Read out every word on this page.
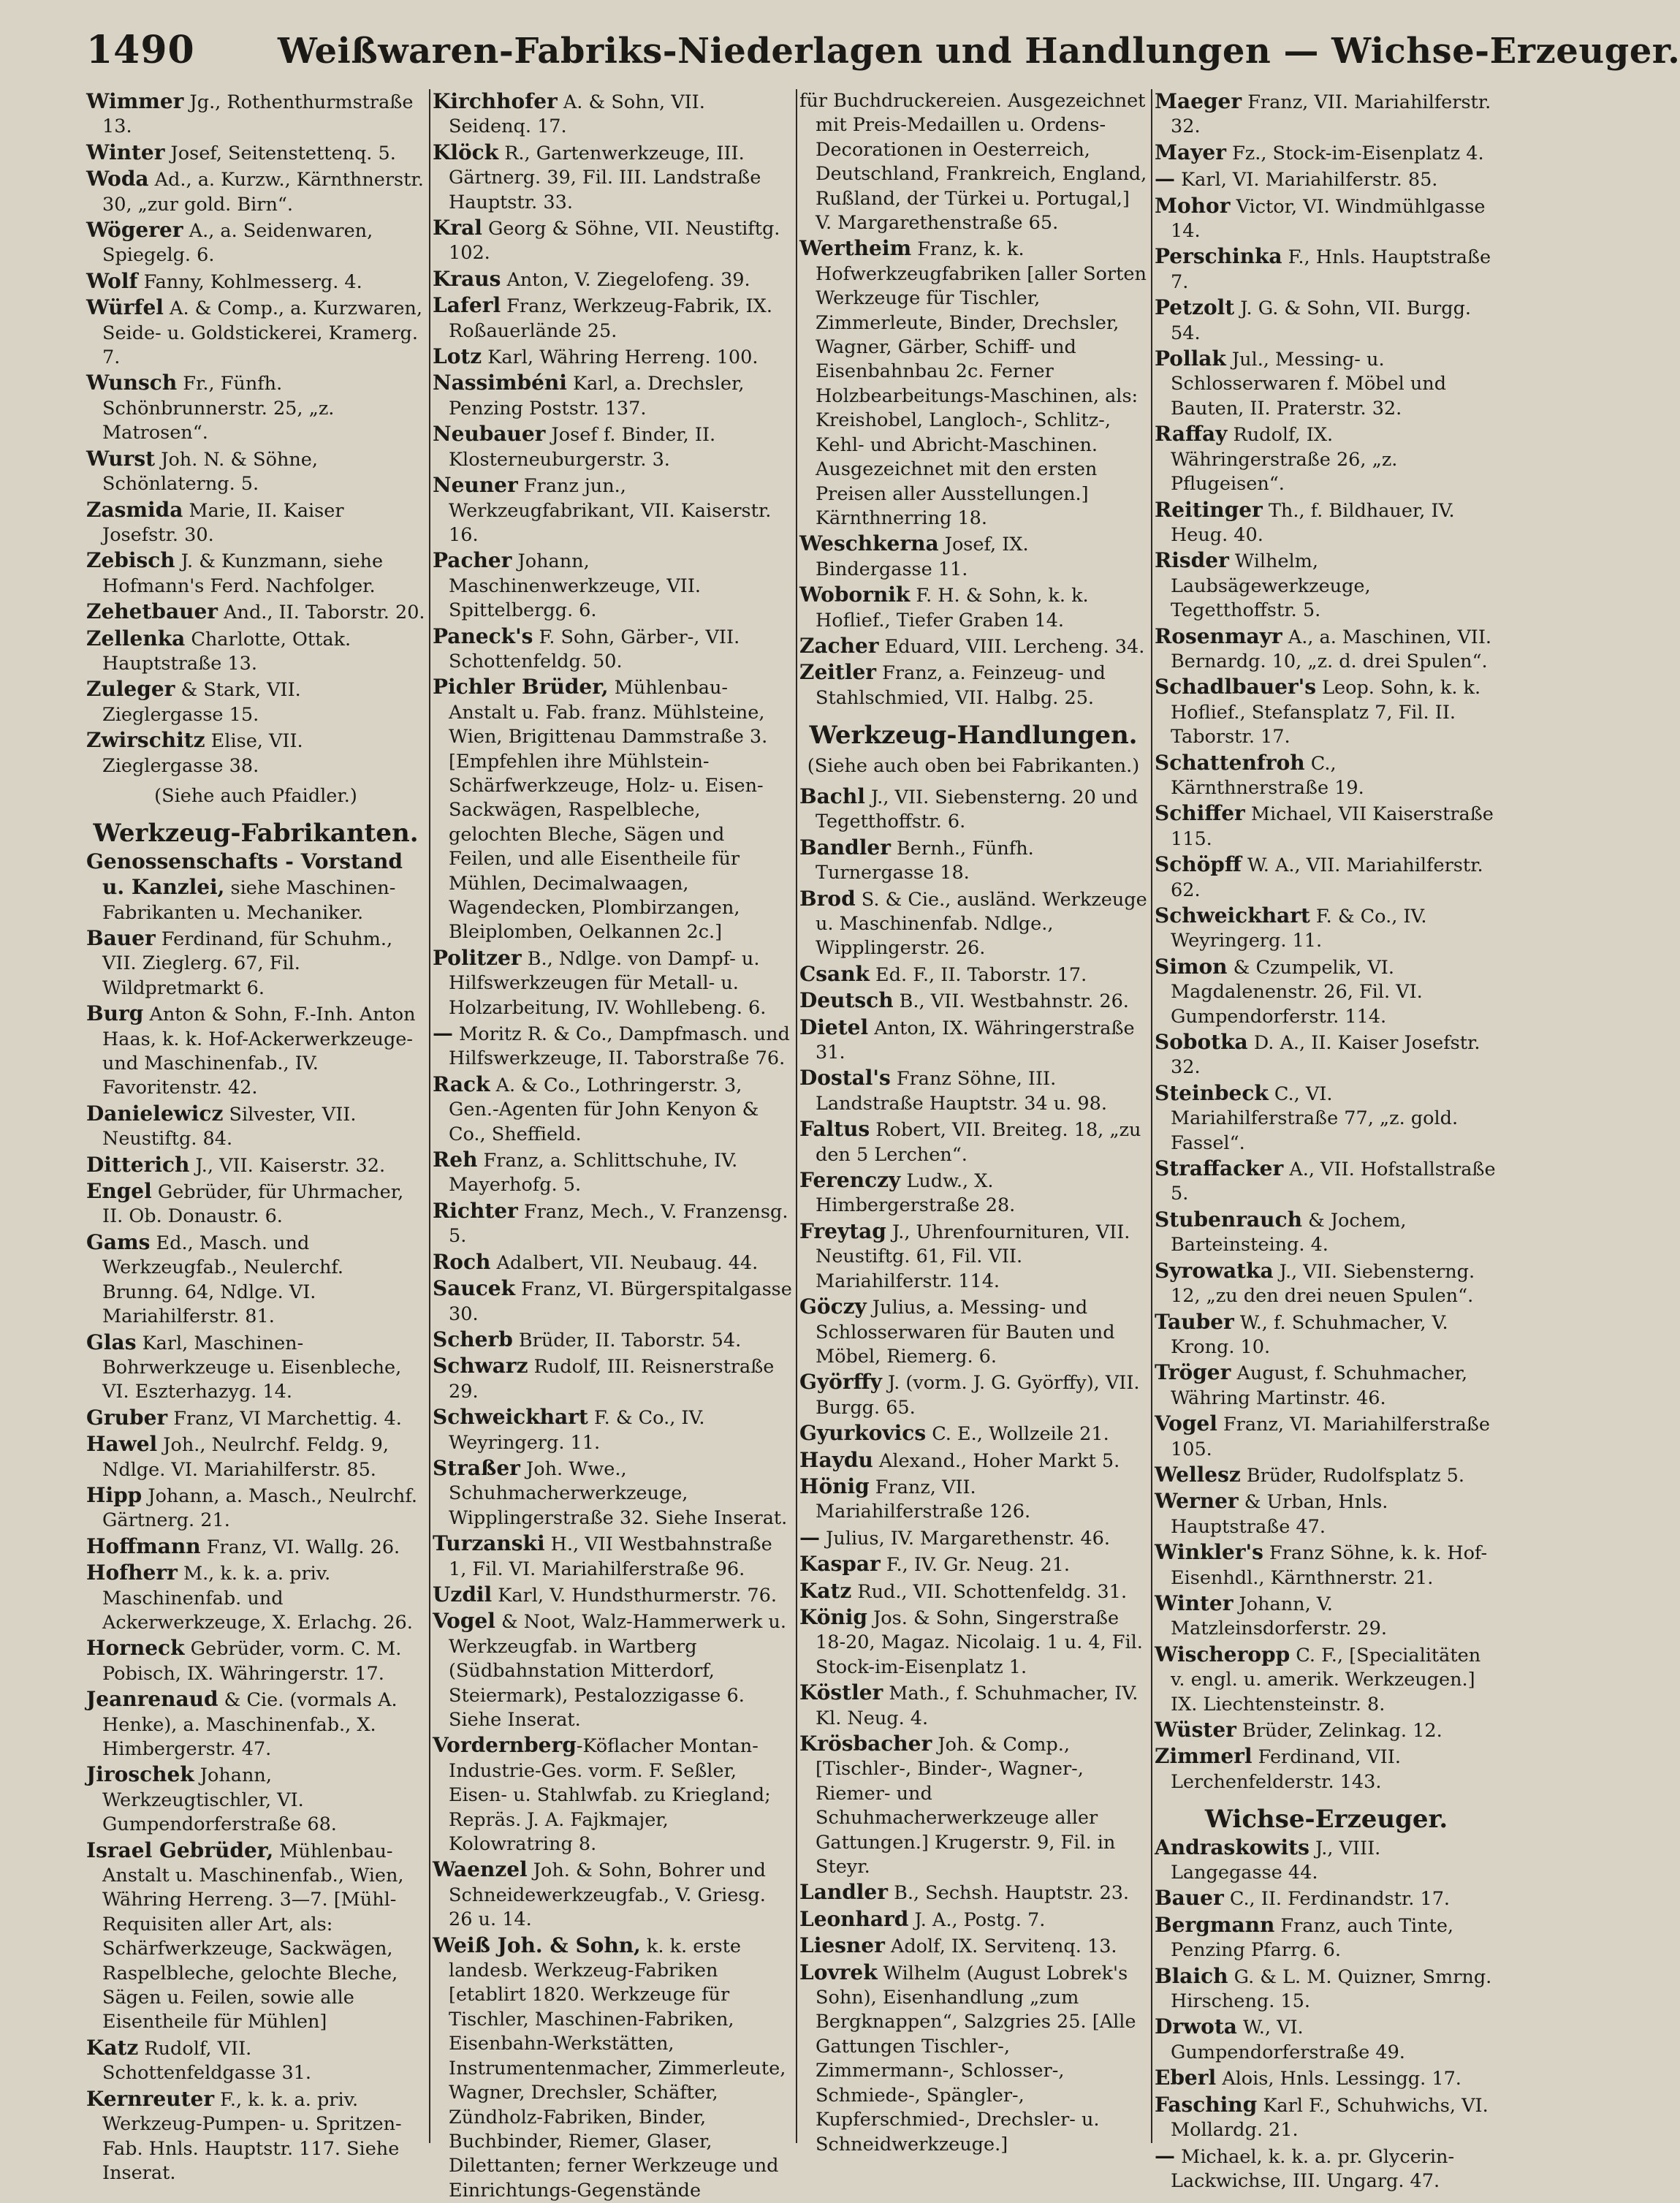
1490 Weißwaren-Fabriks-Niederlagen und Handlungen — Wichse-Erzeuger.
Wimmer Jg., Rothenthurmstraße 13.
Winter Josef, Seitenstettenq. 5.
Woda Ad., a. Kurzw., Kärnthnerstr. 30, „zur gold. Birn“.
Wögerer A., a. Seidenwaren, Spiegelg. 6.
Wolf Fanny, Kohlmesserg. 4.
Würfel A. & Comp., a. Kurzwaren, Seide- u. Goldstickerei, Kramerg. 7.
Wunsch Fr., Fünfh. Schönbrunnerstr. 25, „z. Matrosen“.
Wurst Joh. N. & Söhne, Schönlaterng. 5.
Zasmida Marie, II. Kaiser Josefstr. 30.
Zebisch J. & Kunzmann, siehe Hofmann's Ferd. Nachfolger.
Zehetbauer And., II. Taborstr. 20.
Zellenka Charlotte, Ottak. Hauptstraße 13.
Zuleger & Stark, VII. Zieglergasse 15.
Zwirschitz Elise, VII. Zieglergasse 38.
(Siehe auch Pfaidler.)
Werkzeug-Fabrikanten.
Genossenschafts - Vorstand u. Kanzlei, siehe Maschinen-Fabrikanten u. Mechaniker.
Bauer Ferdinand, für Schuhm., VII. Zieglerg. 67, Fil. Wildpretmarkt 6.
Burg Anton & Sohn, F.-Inh. Anton Haas, k. k. Hof-Ackerwerkzeuge- und Maschinenfab., IV. Favoritenstr. 42.
Danielewicz Silvester, VII. Neustiftg. 84.
Ditterich J., VII. Kaiserstr. 32.
Engel Gebrüder, für Uhrmacher, II. Ob. Donaustr. 6.
Gams Ed., Masch. und Werkzeugfab., Neulerchf. Brunng. 64, Ndlge. VI. Mariahilferstr. 81.
Glas Karl, Maschinen-Bohrwerkzeuge u. Eisenbleche, VI. Eszterhazyg. 14.
Gruber Franz, VI Marchettig. 4.
Hawel Joh., Neulrchf. Feldg. 9, Ndlge. VI. Mariahilferstr. 85.
Hipp Johann, a. Masch., Neulrchf. Gärtnerg. 21.
Hoffmann Franz, VI. Wallg. 26.
Hofherr M., k. k. a. priv. Maschinenfab. und Ackerwerkzeuge, X. Erlachg. 26.
Horneck Gebrüder, vorm. C. M. Pobisch, IX. Währingerstr. 17.
Jeanrenaud & Cie. (vormals A. Henke), a. Maschinenfab., X. Himbergerstr. 47.
Jiroschek Johann, Werkzeugtischler, VI. Gumpendorferstraße 68.
Israel Gebrüder, Mühlenbau-Anstalt u. Maschinenfab., Wien, Währing Herreng. 3—7. [Mühl-Requisiten aller Art, als: Schärfwerkzeuge, Sackwägen, Raspelbleche, gelochte Bleche, Sägen u. Feilen, sowie alle Eisentheile für Mühlen]
Katz Rudolf, VII. Schottenfeldgasse 31.
Kernreuter F., k. k. a. priv. Werkzeug-Pumpen- u. Spritzen-Fab. Hnls. Hauptstr. 117. Siehe Inserat.
Kirchhofer A. & Sohn, VII. Seidenq. 17.
Klöck R., Gartenwerkzeuge, III. Gärtnerg. 39, Fil. III. Landstraße Hauptstr. 33.
Kral Georg & Söhne, VII. Neustiftg. 102.
Kraus Anton, V. Ziegelofeng. 39.
Laferl Franz, Werkzeug-Fabrik, IX. Roßauerlände 25.
Lotz Karl, Währing Herreng. 100.
Nassimbéni Karl, a. Drechsler, Penzing Poststr. 137.
Neubauer Josef f. Binder, II. Klosterneuburgerstr. 3.
Neuner Franz jun., Werkzeugfabrikant, VII. Kaiserstr. 16.
Pacher Johann, Maschinenwerkzeuge, VII. Spittelbergg. 6.
Paneck's F. Sohn, Gärber-, VII. Schottenfeldg. 50.
Pichler Brüder, Mühlenbau-Anstalt u. Fab. franz. Mühlsteine, Wien, Brigittenau Dammstraße 3. [Empfehlen ihre Mühlstein-Schärfwerkzeuge, Holz- u. Eisen-Sackwägen, Raspelbleche, gelochten Bleche, Sägen und Feilen, und alle Eisentheile für Mühlen, Decimalwaagen, Wagendecken, Plombirzangen, Bleiplomben, Oelkannen 2c.]
Politzer B., Ndlge. von Dampf- u. Hilfswerkzeugen für Metall- u. Holzarbeitung, IV. Wohllebeng. 6.
— Moritz R. & Co., Dampfmasch. und Hilfswerkzeuge, II. Taborstraße 76.
Rack A. & Co., Lothringerstr. 3, Gen.-Agenten für John Kenyon & Co., Sheffield.
Reh Franz, a. Schlittschuhe, IV. Mayerhofg. 5.
Richter Franz, Mech., V. Franzensg. 5.
Roch Adalbert, VII. Neubaug. 44.
Saucek Franz, VI. Bürgerspitalgasse 30.
Scherb Brüder, II. Taborstr. 54.
Schwarz Rudolf, III. Reisnerstraße 29.
Schweickhart F. & Co., IV. Weyringerg. 11.
Straßer Joh. Wwe., Schuhmacherwerkzeuge, Wipplingerstraße 32. Siehe Inserat.
Turzanski H., VII Westbahnstraße 1, Fil. VI. Mariahilferstraße 96.
Uzdil Karl, V. Hundsthurmerstr. 76.
Vogel & Noot, Walz-Hammerwerk u. Werkzeugfab. in Wartberg (Südbahnstation Mitterdorf, Steiermark), Pestalozzigasse 6. Siehe Inserat.
Vordernberg-Köflacher Montan-Industrie-Ges. vorm. F. Seßler, Eisen- u. Stahlwfab. zu Kriegland; Repräs. J. A. Fajkmajer, Kolowratring 8.
Waenzel Joh. & Sohn, Bohrer und Schneidewerkzeugfab., V. Griesg. 26 u. 14.
Weiß Joh. & Sohn, k. k. erste landesb. Werkzeug-Fabriken [etablirt 1820. Werkzeuge für Tischler, Maschinen-Fabriken, Eisenbahn-Werkstätten, Instrumentenmacher, Zimmerleute, Wagner, Drechsler, Schäfter, Zündholz-Fabriken, Binder, Buchbinder, Riemer, Glaser, Dilettanten; ferner Werkzeuge und Einrichtungs-Gegenstände
für Buchdruckereien. Ausgezeichnet mit Preis-Medaillen u. Ordens-Decorationen in Oesterreich, Deutschland, Frankreich, England, Rußland, der Türkei u. Portugal,] V. Margarethenstraße 65.
Wertheim Franz, k. k. Hofwerkzeugfabriken [aller Sorten Werkzeuge für Tischler, Zimmerleute, Binder, Drechsler, Wagner, Gärber, Schiff- und Eisenbahnbau 2c. Ferner Holzbearbeitungs-Maschinen, als: Kreishobel, Langloch-, Schlitz-, Kehl- und Abricht-Maschinen. Ausgezeichnet mit den ersten Preisen aller Ausstellungen.] Kärnthnerring 18.
Weschkerna Josef, IX. Bindergasse 11.
Wobornik F. H. & Sohn, k. k. Hoflief., Tiefer Graben 14.
Zacher Eduard, VIII. Lercheng. 34.
Zeitler Franz, a. Feinzeug- und Stahlschmied, VII. Halbg. 25.
Werkzeug-Handlungen.
(Siehe auch oben bei Fabrikanten.)
Bachl J., VII. Siebensterng. 20 und Tegetthoffstr. 6.
Bandler Bernh., Fünfh. Turnergasse 18.
Brod S. & Cie., ausländ. Werkzeuge u. Maschinenfab. Ndlge., Wipplingerstr. 26.
Csank Ed. F., II. Taborstr. 17.
Deutsch B., VII. Westbahnstr. 26.
Dietel Anton, IX. Währingerstraße 31.
Dostal's Franz Söhne, III. Landstraße Hauptstr. 34 u. 98.
Faltus Robert, VII. Breiteg. 18, „zu den 5 Lerchen“.
Ferenczy Ludw., X. Himbergerstraße 28.
Freytag J., Uhrenfournituren, VII. Neustiftg. 61, Fil. VII. Mariahilferstr. 114.
Göczy Julius, a. Messing- und Schlosserwaren für Bauten und Möbel, Riemerg. 6.
Györffy J. (vorm. J. G. Györffy), VII. Burgg. 65.
Gyurkovics C. E., Wollzeile 21.
Haydu Alexand., Hoher Markt 5.
Hönig Franz, VII. Mariahilferstraße 126.
— Julius, IV. Margarethenstr. 46.
Kaspar F., IV. Gr. Neug. 21.
Katz Rud., VII. Schottenfeldg. 31.
König Jos. & Sohn, Singerstraße 18-20, Magaz. Nicolaig. 1 u. 4, Fil. Stock-im-Eisenplatz 1.
Köstler Math., f. Schuhmacher, IV. Kl. Neug. 4.
Krösbacher Joh. & Comp., [Tischler-, Binder-, Wagner-, Riemer- und Schuhmacherwerkzeuge aller Gattungen.] Krugerstr. 9, Fil. in Steyr.
Landler B., Sechsh. Hauptstr. 23.
Leonhard J. A., Postg. 7.
Liesner Adolf, IX. Servitenq. 13.
Lovrek Wilhelm (August Lobrek's Sohn), Eisenhandlung „zum Bergknappen“, Salzgries 25. [Alle Gattungen Tischler-, Zimmermann-, Schlosser-, Schmiede-, Spängler-, Kupferschmied-, Drechsler- u. Schneidwerkzeuge.]
Maeger Franz, VII. Mariahilferstr. 32.
Mayer Fz., Stock-im-Eisenplatz 4.
— Karl, VI. Mariahilferstr. 85.
Mohor Victor, VI. Windmühlgasse 14.
Perschinka F., Hnls. Hauptstraße 7.
Petzolt J. G. & Sohn, VII. Burgg. 54.
Pollak Jul., Messing- u. Schlosserwaren f. Möbel und Bauten, II. Praterstr. 32.
Raffay Rudolf, IX. Währingerstraße 26, „z. Pflugeisen“.
Reitinger Th., f. Bildhauer, IV. Heug. 40.
Risder Wilhelm, Laubsägewerkzeuge, Tegetthoffstr. 5.
Rosenmayr A., a. Maschinen, VII. Bernardg. 10, „z. d. drei Spulen“.
Schadlbauer's Leop. Sohn, k. k. Hoflief., Stefansplatz 7, Fil. II. Taborstr. 17.
Schattenfroh C., Kärnthnerstraße 19.
Schiffer Michael, VII Kaiserstraße 115.
Schöpff W. A., VII. Mariahilferstr. 62.
Schweickhart F. & Co., IV. Weyringerg. 11.
Simon & Czumpelik, VI. Magdalenenstr. 26, Fil. VI. Gumpendorferstr. 114.
Sobotka D. A., II. Kaiser Josefstr. 32.
Steinbeck C., VI. Mariahilferstraße 77, „z. gold. Fassel“.
Straffacker A., VII. Hofstallstraße 5.
Stubenrauch & Jochem, Barteinsteing. 4.
Syrowatka J., VII. Siebensterng. 12, „zu den drei neuen Spulen“.
Tauber W., f. Schuhmacher, V. Krong. 10.
Tröger August, f. Schuhmacher, Währing Martinstr. 46.
Vogel Franz, VI. Mariahilferstraße 105.
Wellesz Brüder, Rudolfsplatz 5.
Werner & Urban, Hnls. Hauptstraße 47.
Winkler's Franz Söhne, k. k. Hof-Eisenhdl., Kärnthnerstr. 21.
Winter Johann, V. Matzleinsdorferstr. 29.
Wischeropp C. F., [Specialitäten v. engl. u. amerik. Werkzeugen.] IX. Liechtensteinstr. 8.
Wüster Brüder, Zelinkag. 12.
Zimmerl Ferdinand, VII. Lerchenfelderstr. 143.
Wichse-Erzeuger.
Andraskowits J., VIII. Langegasse 44.
Bauer C., II. Ferdinandstr. 17.
Bergmann Franz, auch Tinte, Penzing Pfarrg. 6.
Blaich G. & L. M. Quizner, Smrng. Hirscheng. 15.
Drwota W., VI. Gumpendorferstraße 49.
Eberl Alois, Hnls. Lessingg. 17.
Fasching Karl F., Schuhwichs, VI. Mollardg. 21.
— Michael, k. k. a. pr. Glycerin-Lackwichse, III. Ungarg. 47.
